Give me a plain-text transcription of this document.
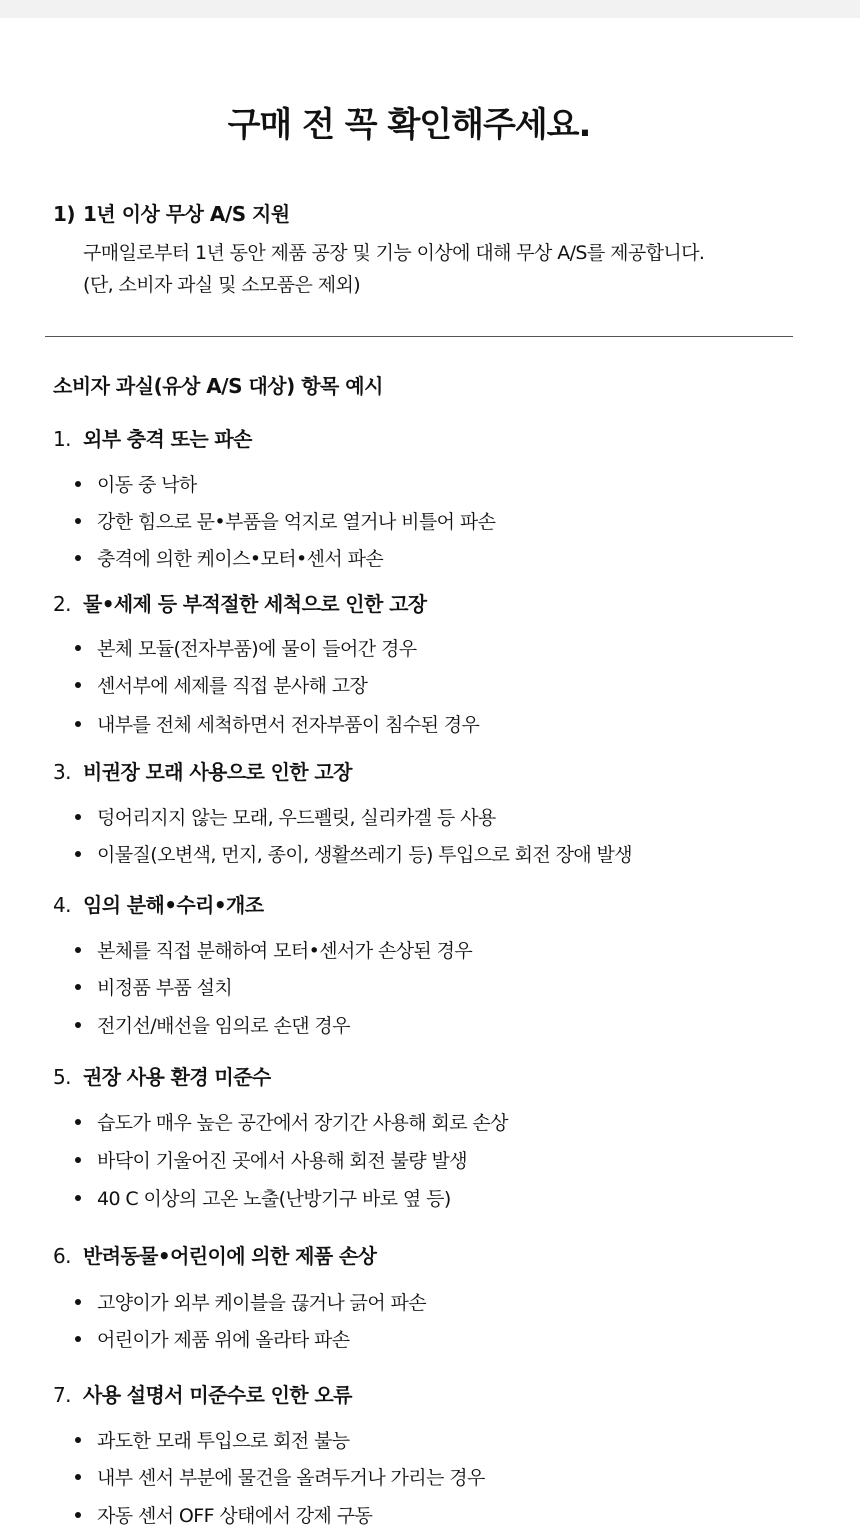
구매 전 꼭 확인해주세요.
1) 1년 이상 무상 A/S 지원
구매일로부터 1년 동안 제품 공장 및 기능 이상에 대해 무상 A/S를 제공합니다.
(단, 소비자 과실 및 소모품은 제외)
소비자 과실(유상 A/S 대상) 항목 예시
1. 외부 충격 또는 파손
이동 중 낙하
강한 힘으로 문•부품을 억지로 열거나 비틀어 파손
충격에 의한 케이스•모터•센서 파손
2. 물•세제 등 부적절한 세척으로 인한 고장
본체 모듈(전자부품)에 물이 들어간 경우
센서부에 세제를 직접 분사해 고장
내부를 전체 세척하면서 전자부품이 침수된 경우
3. 비권장 모래 사용으로 인한 고장
덩어리지지 않는 모래, 우드펠릿, 실리카겔 등 사용
이물질(오변색, 먼지, 종이, 생활쓰레기 등) 투입으로 회전 장애 발생
4. 임의 분해•수리•개조
본체를 직접 분해하여 모터•센서가 손상된 경우
비정품 부품 설치
전기선/배선을 임의로 손댄 경우
5. 권장 사용 환경 미준수
습도가 매우 높은 공간에서 장기간 사용해 회로 손상
바닥이 기울어진 곳에서 사용해 회전 불량 발생
40 C 이상의 고온 노출(난방기구 바로 옆 등)
6. 반려동물•어린이에 의한 제품 손상
고양이가 외부 케이블을 끊거나 긁어 파손
어린이가 제품 위에 올라타 파손
7. 사용 설명서 미준수로 인한 오류
과도한 모래 투입으로 회전 불능
내부 센서 부분에 물건을 올려두거나 가리는 경우
자동 센서 OFF 상태에서 강제 구동
